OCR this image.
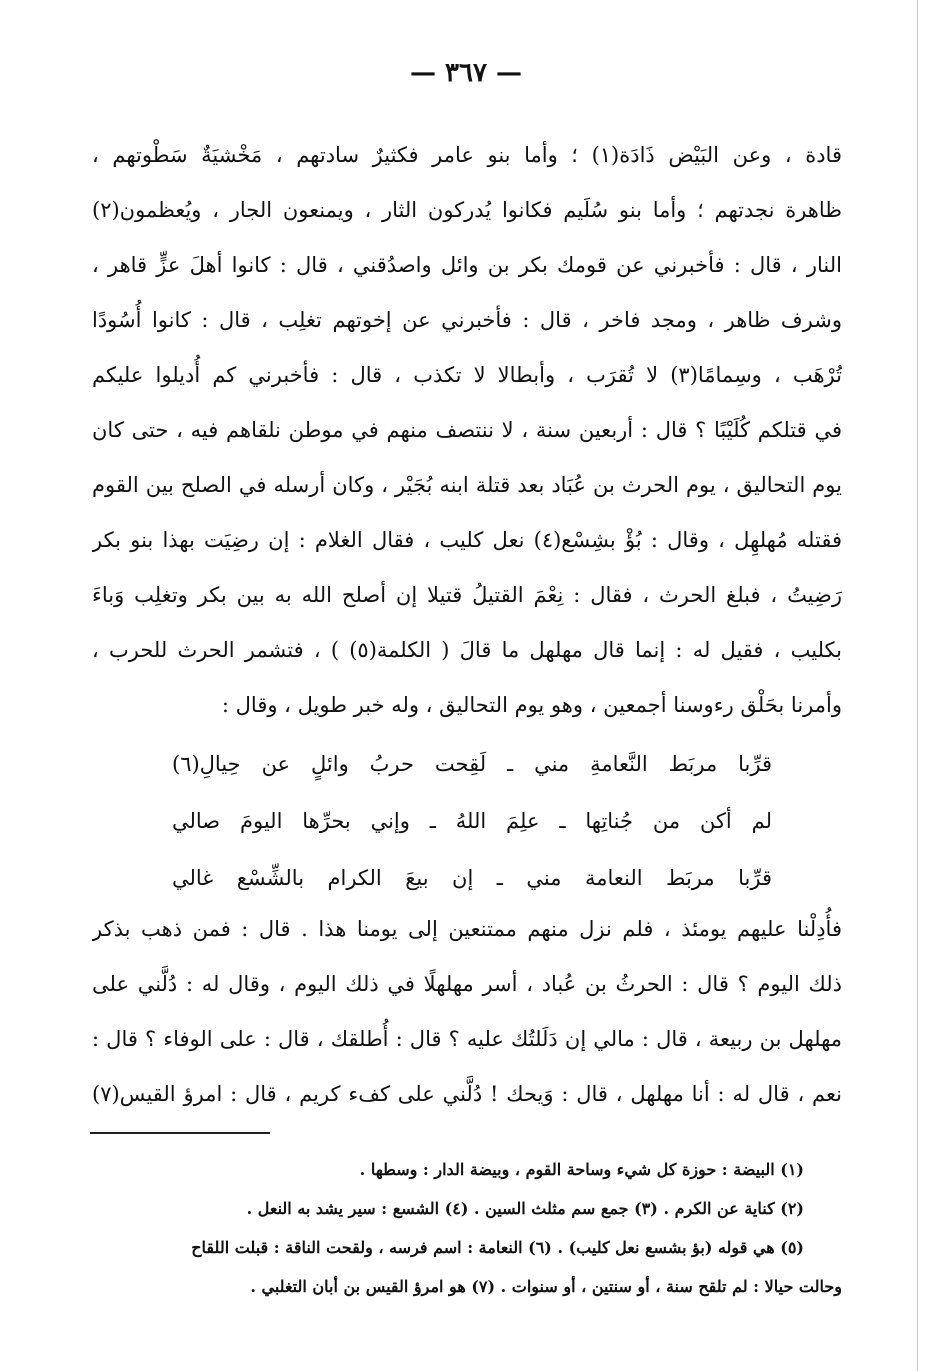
— ٣٦٧ —
قادة ، وعن البَيْض ذَادَة(١) ؛ وأما بنو عامر فكثيرٌ سادتهم ، مَخْشيَةٌ سَطْوتهم ،
ظاهرة نجدتهم ؛ وأما بنو سُلَيم فكانوا يُدركون الثار ، ويمنعون الجار ، ويُعظمون(٢)
النار ، قال : فأخبرني عن قومك بكر بن وائل واصدُقني ، قال : كانوا أهلَ عزٍّ قاهر ،
وشرف ظاهر ، ومجد فاخر ، قال : فأخبرني عن إخوتهم تغلِب ، قال : كانوا أُسُودًا
تُرْهَب ، وسِمامًا(٣) لا تُقرَب ، وأبطالا لا تكذب ، قال : فأخبرني كم أُديلوا عليكم
في قتلكم كُلَيْبًا ؟ قال : أربعين سنة ، لا ننتصف منهم في موطن نلقاهم فيه ، حتى كان
يوم التحاليق ، يوم الحرث بن عُبَاد بعد قتلة ابنه بُجَيْر ، وكان أرسله في الصلح بين القوم
فقتله مُهلهِل ، وقال : بُؤْ بشِسْع(٤) نعل كليب ، فقال الغلام : إن رضِيَت بهذا بنو بكر
رَضِيتُ ، فبلغ الحرث ، فقال : نِعْمَ القتيلُ قتيلا إن أصلح الله به بين بكر وتغلِب وَباءَ
بكليب ، فقيل له : إنما قال مهلهل ما قالَ ( الكلمة(٥) ) ، فتشمر الحرث للحرب ،
وأمرنا بحَلْق رءوسنا أجمعين ، وهو يوم التحاليق ، وله خبر طويل ، وقال :
قرِّبا مربَط النَّعامةِ مني ـ لَقِحت حربُ وائلٍ عن حِيالِ(٦)
لم أكن من جُناتِها ـ علِمَ اللهُ ـ وإني بحرِّها اليومَ صالي
قرِّبا مربَط النعامة مني ـ إن بيعَ الكرام بالشِّسْع غالي
فأُدِلْنا عليهم يومئذ ، فلم نزل منهم ممتنعين إلى يومنا هذا . قال : فمن ذهب بذكر
ذلك اليوم ؟ قال : الحرثُ بن عُباد ، أسر مهلهلًا في ذلك اليوم ، وقال له : دُلَّني على
مهلهل بن ربيعة ، قال : مالي إن دَلَلتُك عليه ؟ قال : أُطلقك ، قال : على الوفاء ؟ قال :
نعم ، قال له : أنا مهلهل ، قال : وَيحك ! دُلَّني على كفء كريم ، قال : امرؤ القيس(٧)
(١) البيضة : حوزة كل شيء وساحة القوم ، وبيضة الدار : وسطها .
(٢) كناية عن الكرم . (٣) جمع سم مثلث السين . (٤) الشسع : سير يشد به النعل .
(٥) هي قوله (بؤ بشسع نعل كليب) . (٦) النعامة : اسم فرسه ، ولقحت الناقة : قبلت اللقاح
وحالت حيالا : لم تلقح سنة ، أو سنتين ، أو سنوات . (٧) هو امرؤ القيس بن أبان التغلبي .
